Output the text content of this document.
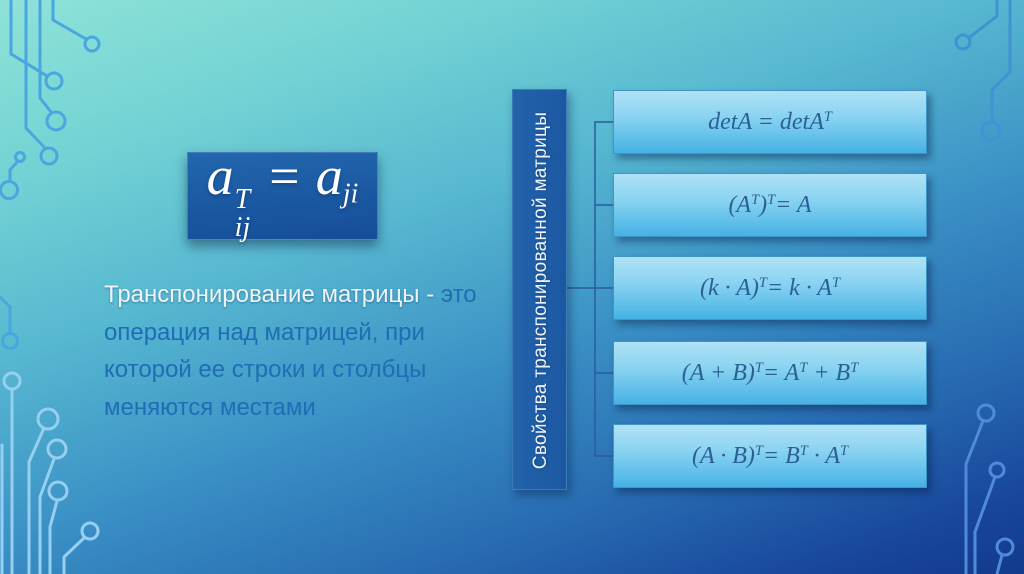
a T
ij
= $a_{ji}$
Транспонирование матрицы - это
операция над матрицей, при
которой ее строки и столбцы
меняются местами	Свойства транспонированной матрицы	detA = detA$^T$
$(A^T)^T= A$
$(k \cdot A)^T= k \cdot A^T$
$(A + B)^T= A^T + B^T$
$(A \cdot B)^T= B^T \cdot A^T$
